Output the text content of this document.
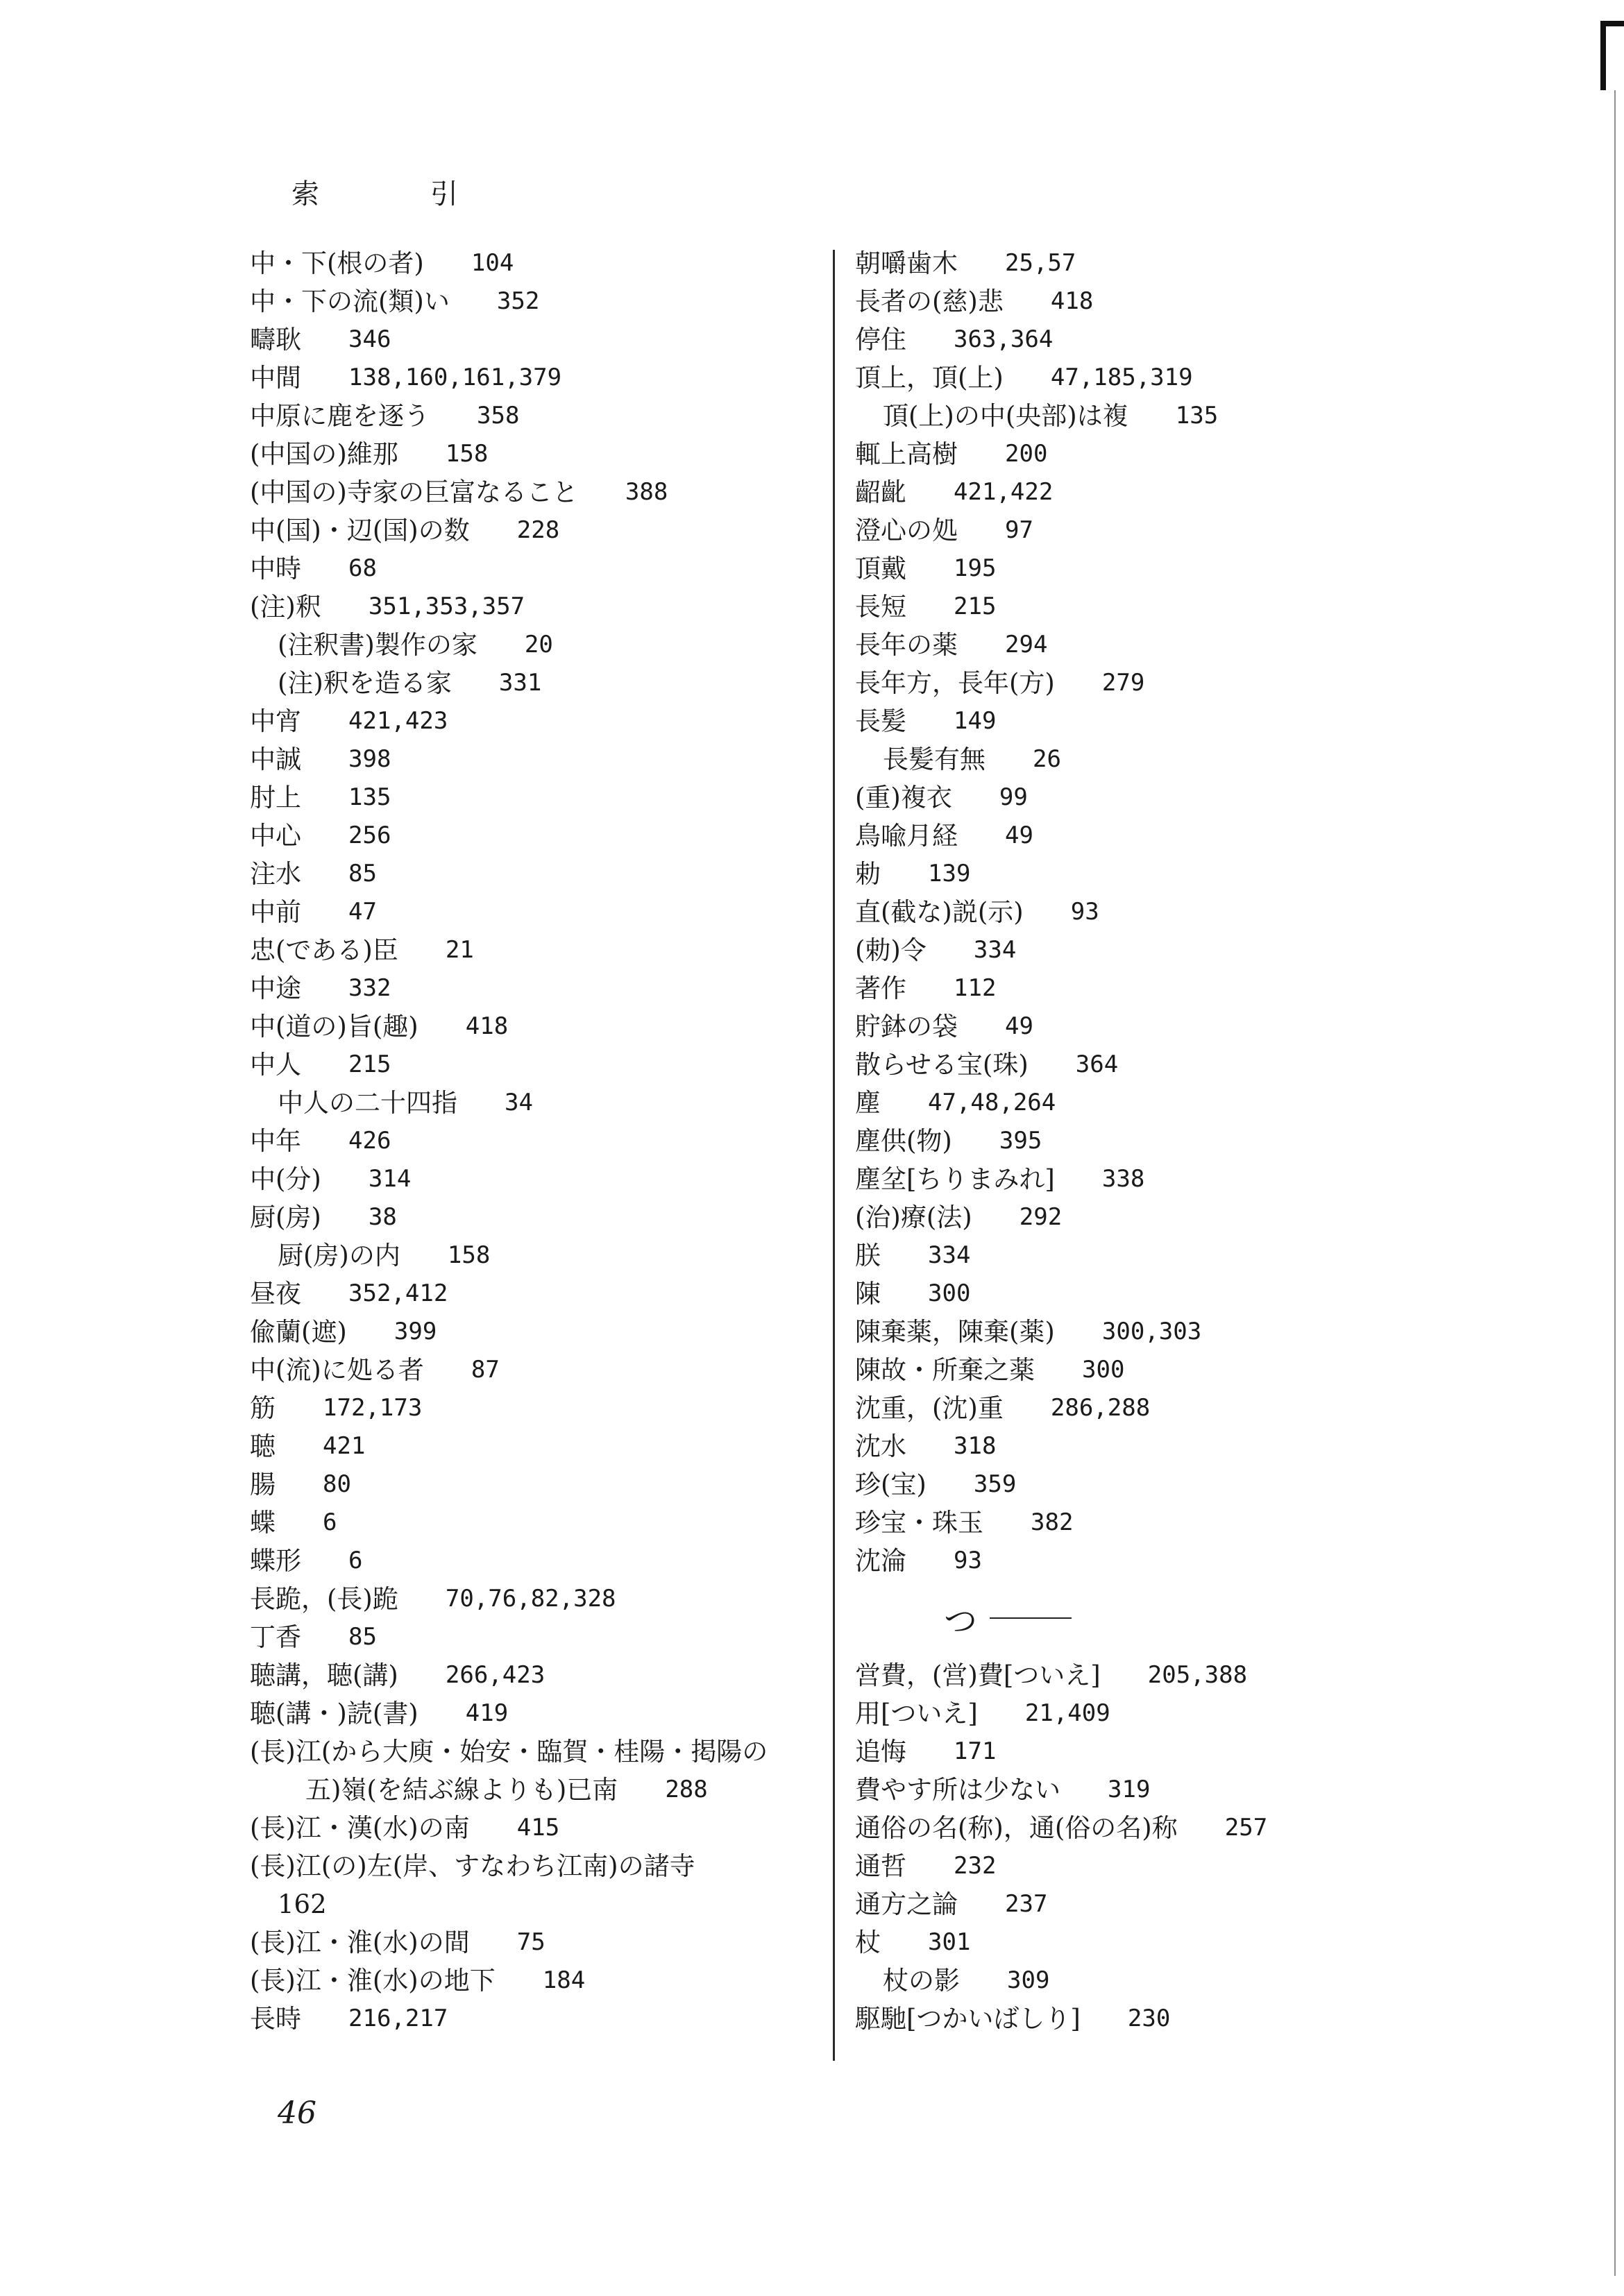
索　引
中・下(根の者) 104
中・下の流(類)い 352
疇耿 346
中間 138,160,161,379
中原に鹿を逐う 358
(中国の)維那 158
(中国の)寺家の巨富なること 388
中(国)・辺(国)の数 228
中時 68
(注)釈 351,353,357
(注釈書)製作の家 20
(注)釈を造る家 331
中宵 421,423
中誠 398
肘上 135
中心 256
注水 85
中前 47
忠(である)臣 21
中途 332
中(道の)旨(趣) 418
中人 215
中人の二十四指 34
中年 426
中(分) 314
厨(房) 38
厨(房)の内 158
昼夜 352,412
偸蘭(遮) 399
中(流)に処る者 87
筋 172,173
聴 421
腸 80
蝶 6
蝶形 6
長跪，(長)跪 70,76,82,328
丁香 85
聴講，聴(講) 266,423
聴(講・)読(書) 419
(長)江(から大庾・始安・臨賀・桂陽・掲陽の
五)嶺(を結ぶ線よりも)已南 288
(長)江・漢(水)の南 415
(長)江(の)左(岸、すなわち江南)の諸寺
162
(長)江・淮(水)の間 75
(長)江・淮(水)の地下 184
長時 216,217
朝嚼歯木 25,57
長者の(慈)悲 418
停住 363,364
頂上，頂(上) 47,185,319
頂(上)の中(央部)は複 135
輒上高樹 200
齠齔 421,422
澄心の処 97
頂戴 195
長短 215
長年の薬 294
長年方，長年(方) 279
長髪 149
長髪有無 26
(重)複衣 99
鳥喩月経 49
勅 139
直(截な)説(示) 93
(勅)令 334
著作 112
貯鉢の袋 49
散らせる宝(珠) 364
塵 47,48,264
塵供(物) 395
塵坌[ちりまみれ] 338
(治)療(法) 292
朕 334
陳 300
陳棄薬，陳棄(薬) 300,303
陳故・所棄之薬 300
沈重，(沈)重 286,288
沈水 318
珍(宝) 359
珍宝・珠玉 382
沈淪 93
つ
営費，(営)費[ついえ] 205,388
用[ついえ] 21,409
追悔 171
費やす所は少ない 319
通俗の名(称)，通(俗の名)称 257
通哲 232
通方之論 237
杖 301
杖の影 309
駆馳[つかいばしり] 230
46
